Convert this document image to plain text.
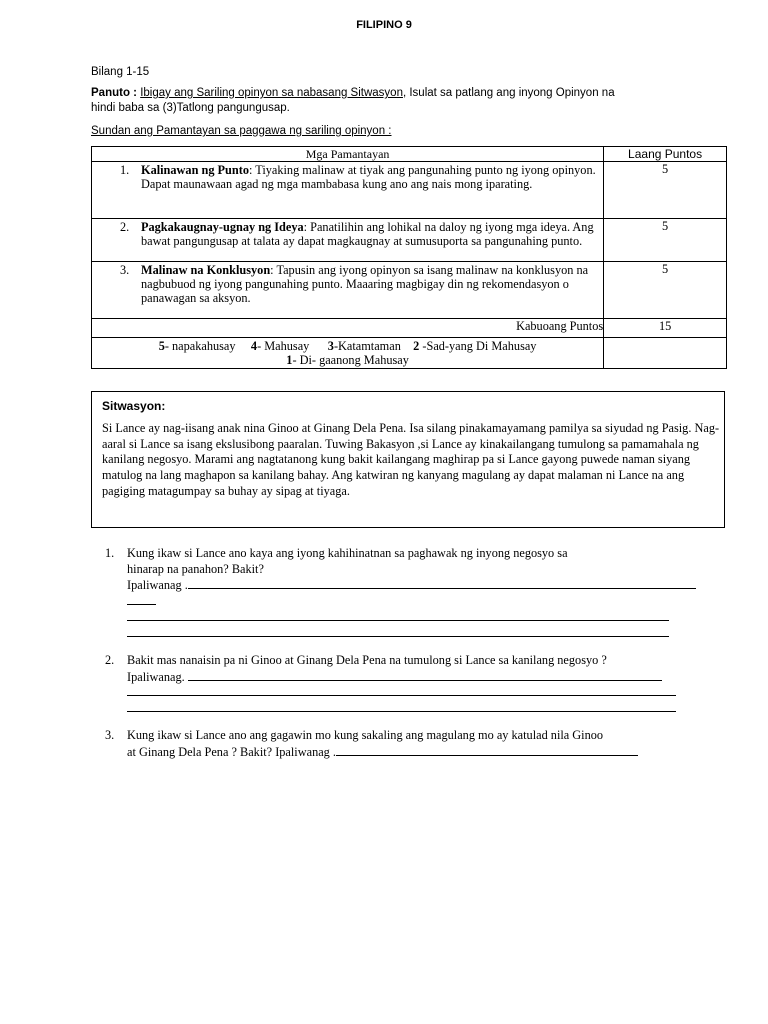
FILIPINO 9
Bilang 1-15
Panuto : Ibigay ang Sariling opinyon sa nabasang Sitwasyon, Isulat sa patlang ang inyong Opinyon na
hindi baba sa (3)Tatlong pangungusap.
Sundan ang Pamantayan sa paggawa ng sariling opinyon :
Mga Pamantayan	Laang Puntos

1. Kalinawan ng Punto: Tiyaking malinaw at tiyak ang pangunahing punto ng iyong opinyon. Dapat maunawaan agad ng mga mambabasa kung ano ang nais mong iparating.	5

2. Pagkakaugnay-ugnay ng Ideya: Panatilihin ang lohikal na daloy ng iyong mga ideya. Ang bawat pangungusap at talata ay dapat magkaugnay at sumusuporta sa pangunahing punto.	5

3. Malinaw na Konklusyon: Tapusin ang iyong opinyon sa isang malinaw na konklusyon na nagbubuod ng iyong pangunahing punto. Maaaring magbigay din ng rekomendasyon o panawagan sa aksyon.	5
Kabuoang Puntos	15

5- napakahusay 4- Mahusay 3-Katamtaman 2 -Sad-yang Di Mahusay
1- Di- gaanong Mahusay	

Sitwasyon:
Si Lance ay nag-iisang anak nina Ginoo at Ginang Dela Pena. Isa silang pinakamayamang pamilya sa siyudad ng Pasig. Nag-aaral si Lance sa isang ekslusibong paaralan. Tuwing Bakasyon ,si Lance ay kinakailangang tumulong sa pamamahala ng kanilang negosyo. Marami ang nagtatanong kung bakit kailangang maghirap pa si Lance gayong puwede naman siyang matulog na lang maghapon sa kanilang bahay. Ang katwiran ng kanyang magulang ay dapat malaman ni Lance na ang pagiging matagumpay sa buhay ay sipag at tiyaga.
1. Kung ikaw si Lance ano kaya ang iyong kahihinatnan sa paghawak ng inyong negosyo sa
hinarap na panahon? Bakit?
Ipaliwanag .
2. Bakit mas nanaisin pa ni Ginoo at Ginang Dela Pena na tumulong si Lance sa kanilang negosyo ?
Ipaliwanag.
3. Kung ikaw si Lance ano ang gagawin mo kung sakaling ang magulang mo ay katulad nila Ginoo
at Ginang Dela Pena ? Bakit? Ipaliwanag .
